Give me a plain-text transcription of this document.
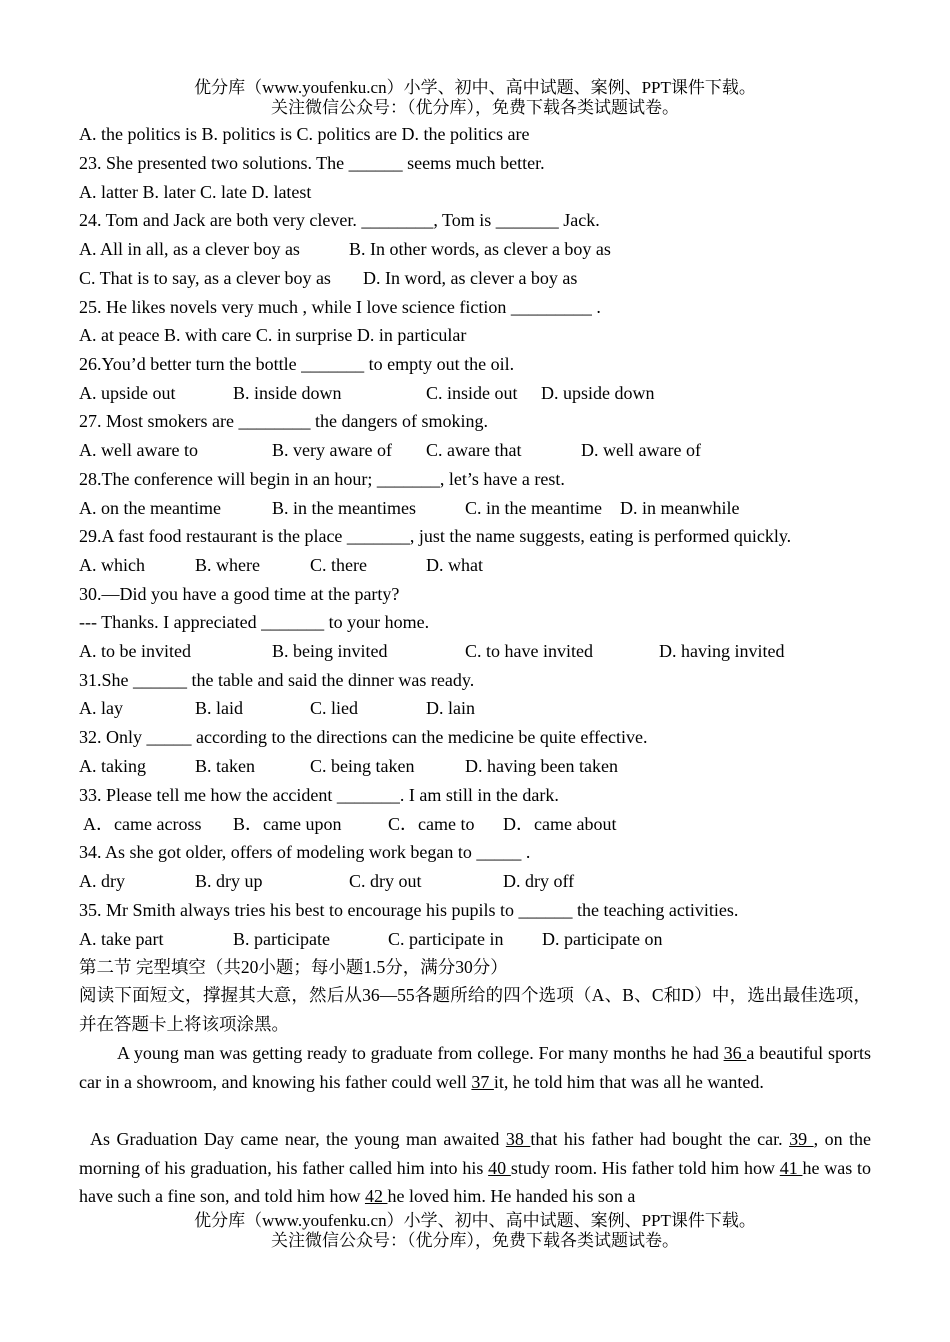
优分库（www.youfenku.cn）小学、初中、高中试题、案例、PPT课件下载。
关注微信公众号：（优分库），免费下载各类试题试卷。
A. the politics is B. politics is C. politics are D. the politics are
23. She presented two solutions. The ______ seems much better.
A. latter B. later C. late D. latest
24. Tom and Jack are both very clever. ________, Tom is _______ Jack.
A. All in all, as a clever boy as	B. In other words, as clever a boy as
C. That is to say, as a clever boy as D. In word, as clever a boy as
25. He likes novels very much , while I love science fiction _________ .
A. at peace B. with care C. in surprise D. in particular
26.You’d better turn the bottle _______ to empty out the oil.
A. upside out	B. inside down	C. inside out D. upside down
27. Most smokers are ________ the dangers of smoking.
A. well aware to	B. very aware of C. aware that	D. well aware of
28.The conference will begin in an hour; _______, let’s have a rest.
A. on the meantime	B. in the meantimes	C. in the meantime D. in meanwhile
29.A fast food restaurant is the place _______, just the name suggests, eating is performed quickly.
A. which	B. where	C. there	D. what
30.—Did you have a good time at the party?
--- Thanks. I appreciated _______ to your home.
A. to be invited	B. being invited	C. to have invited	D. having invited
31.She ______ the table and said the dinner was ready.
A. lay	B. laid	C. lied	D. lain
32. Only _____ according to the directions can the medicine be quite effective.
A. taking	B. taken	C. being taken	D. having been taken
33. Please tell me how the accident _______. I am still in the dark.
A．came across B．came upon	C．came to D．came about
34. As she got older, offers of modeling work began to _____ .
A. dry	B. dry up	C. dry out	D. dry off
35. Mr Smith always tries his best to encourage his pupils to ______ the teaching activities.
A. take part	B. participate	C. participate in D. participate on
第二节 完型填空（共20小题；每小题1.5分，满分30分）
阅读下面短文，撑握其大意，然后从36—55各题所给的四个选项（A、B、C和D）中，选出最佳选项，并在答题卡上将该项涂黑。
A young man was getting ready to graduate from college. For many months he had 36 a beautiful sports car in a showroom, and knowing his father could well 37 it, he told him that was all he wanted.
As Graduation Day came near, the young man awaited 38 that his father had bought the car. 39 , on the morning of his graduation, his father called him into his 40 study room. His father told him how 41 he was to have such a fine son, and told him how 42 he loved him. He handed his son a
优分库（www.youfenku.cn）小学、初中、高中试题、案例、PPT课件下载。
关注微信公众号：（优分库），免费下载各类试题试卷。
